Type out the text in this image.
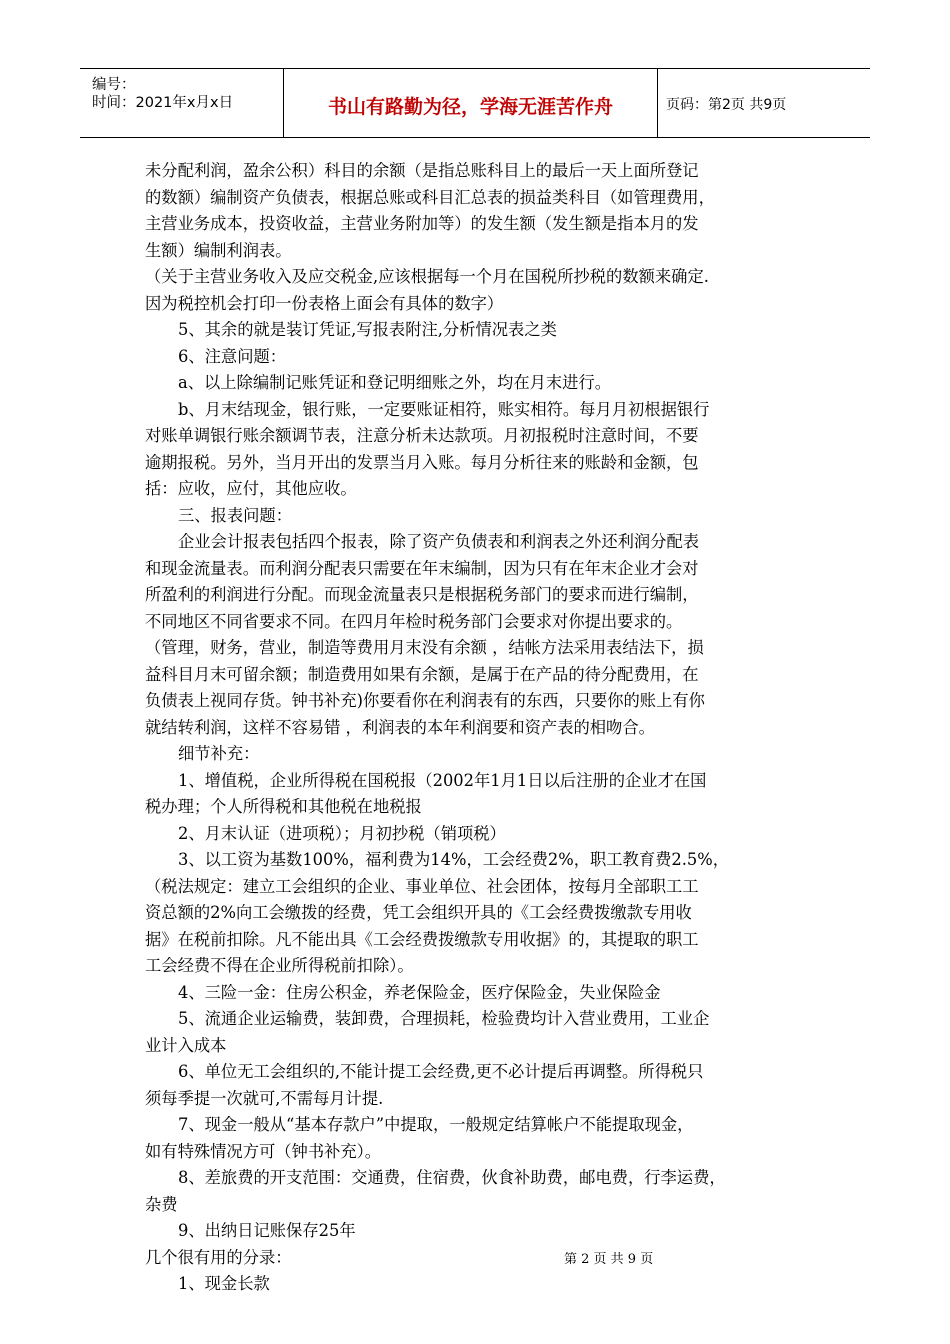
编号：
时间：2021年x月x日	书山有路勤为径，学海无涯苦作舟	页码：第2页 共9页
未分配利润，盈余公积）科目的余额（是指总账科目上的最后一天上面所登记
的数额）编制资产负债表，根据总账或科目汇总表的损益类科目（如管理费用，
主营业务成本，投资收益，主营业务附加等）的发生额（发生额是指本月的发
生额）编制利润表。
（关于主营业务收入及应交税金,应该根据每一个月在国税所抄税的数额来确定.
因为税控机会打印一份表格上面会有具体的数字）
5、其余的就是装订凭证,写报表附注,分析情况表之类
6、注意问题：
a、以上除编制记账凭证和登记明细账之外，均在月末进行。
b、月末结现金，银行账，一定要账证相符，账实相符。每月月初根据银行
对账单调银行账余额调节表，注意分析未达款项。月初报税时注意时间，不要
逾期报税。另外，当月开出的发票当月入账。每月分析往来的账龄和金额，包
括：应收，应付，其他应收。
三、报表问题：
企业会计报表包括四个报表，除了资产负债表和利润表之外还利润分配表
和现金流量表。而利润分配表只需要在年末编制，因为只有在年末企业才会对
所盈利的利润进行分配。而现金流量表只是根据税务部门的要求而进行编制，
不同地区不同省要求不同。在四月年检时税务部门会要求对你提出要求的。
（管理，财务，营业，制造等费用月末没有余额 ，结帐方法采用表结法下，损
益科目月末可留余额；制造费用如果有余额，是属于在产品的待分配费用，在
负债表上视同存货。钟书补充)你要看你在利润表有的东西，只要你的账上有你
就结转利润，这样不容易错 ，利润表的本年利润要和资产表的相吻合。
细节补充：
1、增值税，企业所得税在国税报（2002年1月1日以后注册的企业才在国
税办理；个人所得税和其他税在地税报
2、月末认证（进项税）；月初抄税（销项税）
3、以工资为基数100%，福利费为14%，工会经费2%，职工教育费2.5%，
（税法规定：建立工会组织的企业、事业单位、社会团体，按每月全部职工工
资总额的2%向工会缴拨的经费，凭工会组织开具的《工会经费拨缴款专用收
据》在税前扣除。凡不能出具《工会经费拨缴款专用收据》的，其提取的职工
工会经费不得在企业所得税前扣除）。
4、三险一金：住房公积金，养老保险金，医疗保险金，失业保险金
5、流通企业运输费，装卸费，合理损耗，检验费均计入营业费用，工业企
业计入成本
6、单位无工会组织的,不能计提工会经费,更不必计提后再调整。所得税只
须每季提一次就可,不需每月计提.
7、现金一般从“基本存款户”中提取，一般规定结算帐户不能提取现金，
如有特殊情况方可（钟书补充）。
8、差旅费的开支范围：交通费，住宿费，伙食补助费，邮电费，行李运费，
杂费
9、出纳日记账保存25年
几个很有用的分录：
1、现金长款
第 2 页 共 9 页
